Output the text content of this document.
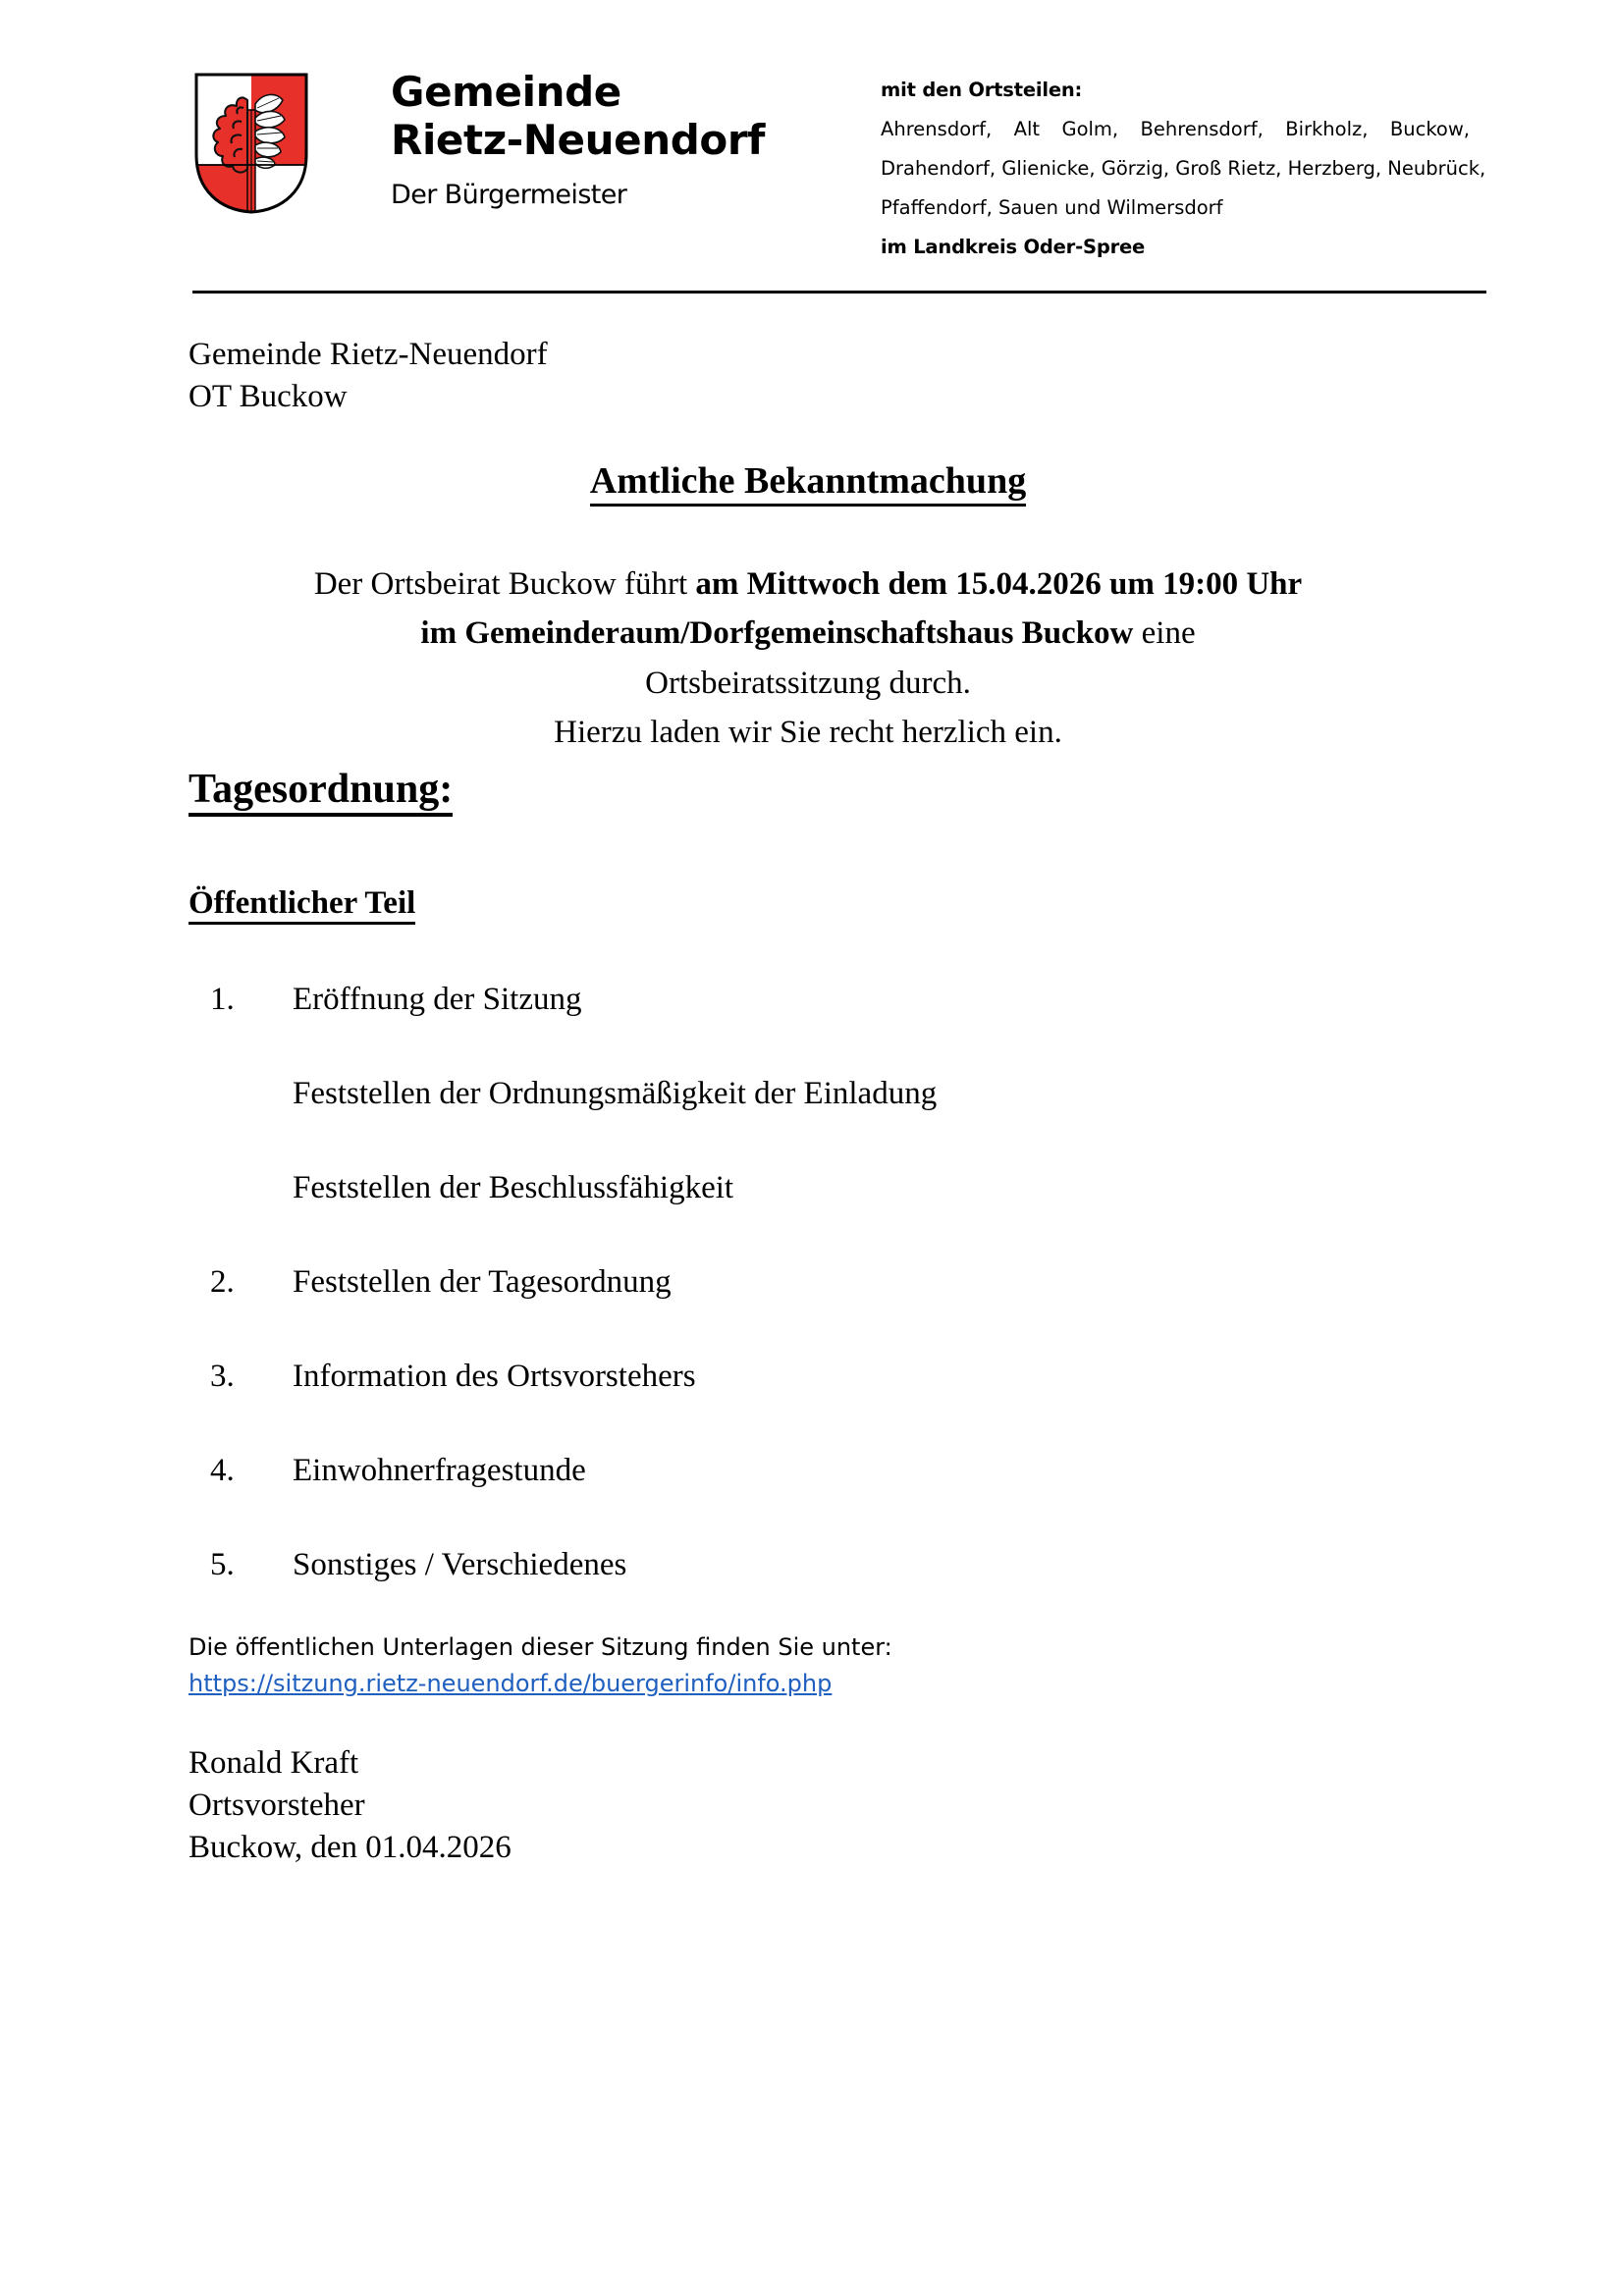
Gemeinde
Rietz-Neuendorf
Der Bürgermeister
mit den Ortsteilen:
Ahrensdorf, Alt Golm, Behrensdorf, Birkholz, Buckow,
Drahendorf, Glienicke, Görzig, Groß Rietz, Herzberg, Neubrück,
Pfaffendorf, Sauen und Wilmersdorf
im Landkreis Oder-Spree
Gemeinde Rietz-Neuendorf
OT Buckow
Amtliche Bekanntmachung
Der Ortsbeirat Buckow führt am Mittwoch dem 15.04.2026 um 19:00 Uhr
im Gemeinderaum/Dorfgemeinschaftshaus Buckow eine
Ortsbeiratssitzung durch.
Hierzu laden wir Sie recht herzlich ein.
Tagesordnung:
Öffentlicher Teil
1.	Eröffnung der Sitzung
Feststellen der Ordnungsmäßigkeit der Einladung
Feststellen der Beschlussfähigkeit
2.	Feststellen der Tagesordnung
3.	Information des Ortsvorstehers
4.	Einwohnerfragestunde
5.	Sonstiges / Verschiedenes
Die öffentlichen Unterlagen dieser Sitzung finden Sie unter:
https://sitzung.rietz-neuendorf.de/buergerinfo/info.php
Ronald Kraft
Ortsvorsteher
Buckow, den 01.04.2026
